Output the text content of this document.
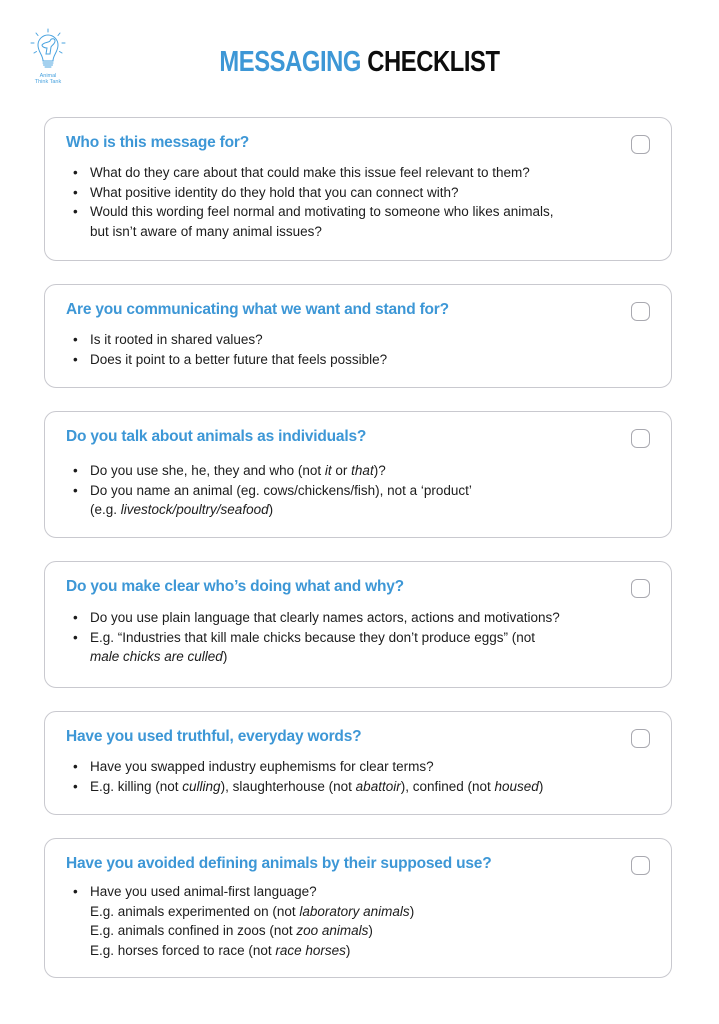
Animal
Think Tank
MESSAGING CHECKLIST
Who is this message for?
• What do they care about that could make this issue feel relevant to them?
• What positive identity do they hold that you can connect with?
• Would this wording feel normal and motivating to someone who likes animals, but isn’t aware of many animal issues?
Are you communicating what we want and stand for?
• Is it rooted in shared values?
• Does it point to a better future that feels possible?
Do you talk about animals as individuals?
• Do you use she, he, they and who (not it or that)?
• Do you name an animal (eg. cows/chickens/fish), not a ‘product’
(e.g. livestock/poultry/seafood)
Do you make clear who’s doing what and why?
• Do you use plain language that clearly names actors, actions and motivations?
• E.g. “Industries that kill male chicks because they don’t produce eggs” (not
male chicks are culled)
Have you used truthful, everyday words?
• Have you swapped industry euphemisms for clear terms?
• E.g. killing (not culling), slaughterhouse (not abattoir), confined (not housed)
Have you avoided defining animals by their supposed use?
• Have you used animal-first language?
E.g. animals experimented on (not laboratory animals)
E.g. animals confined in zoos (not zoo animals)
E.g. horses forced to race (not race horses)
